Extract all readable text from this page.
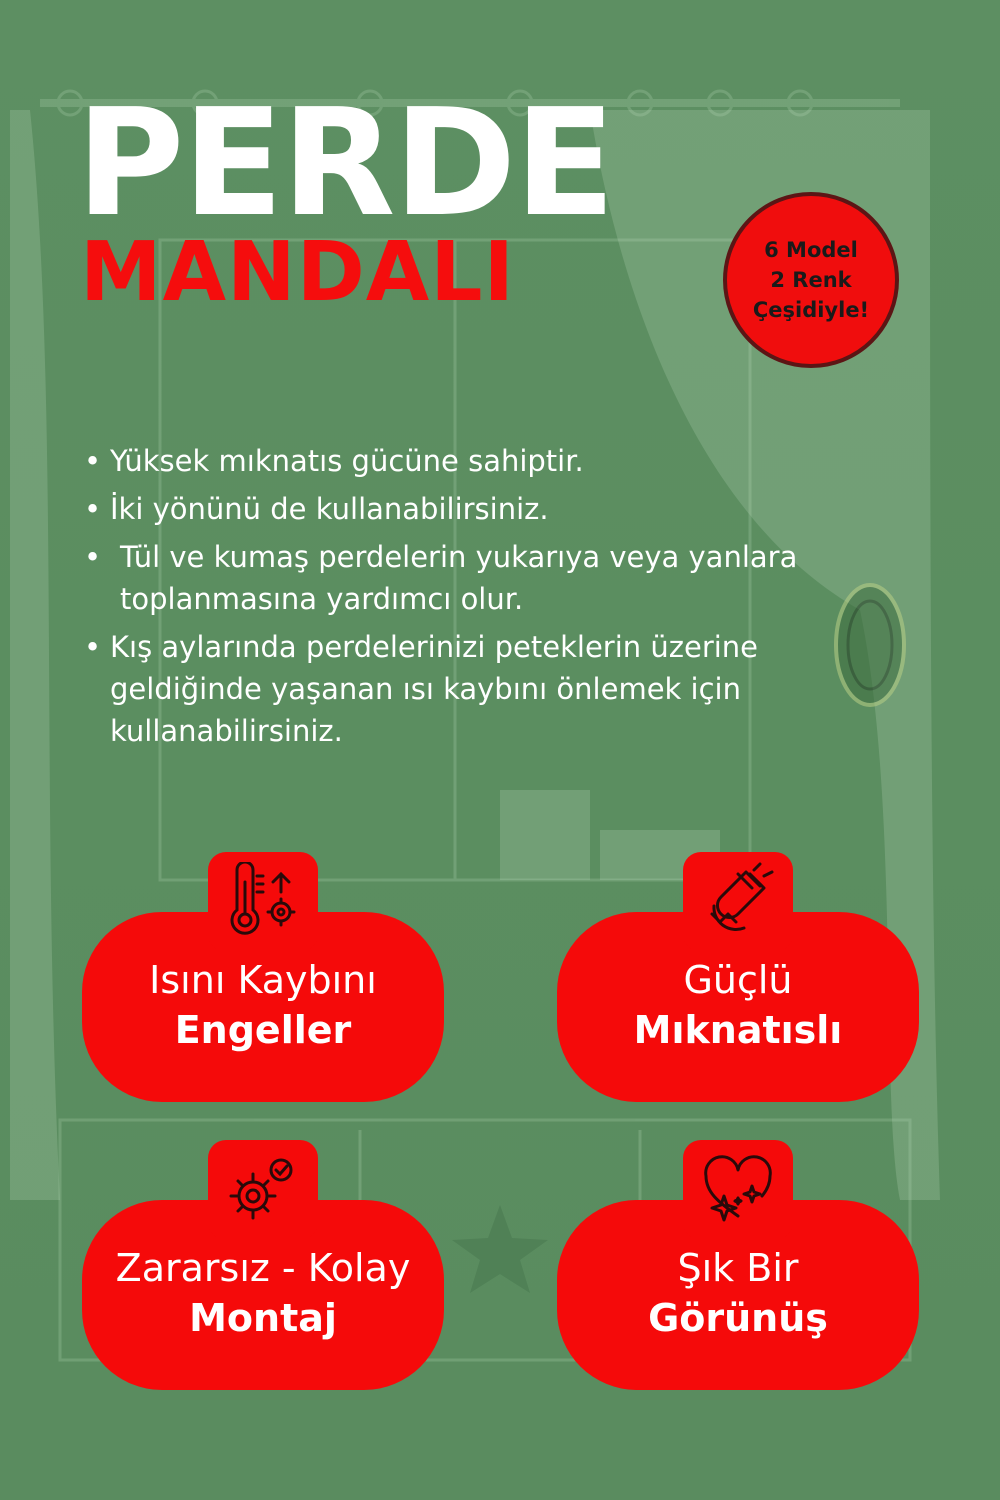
PERDE
MANDALI	6 Model
2 Renk
Çeşidiyle!
• Yüksek mıknatıs gücüne sahiptir.
• İki yönünü de kullanabilirsiniz.
• Tül ve kumaş perdelerin yukarıya veya yanlara toplanmasına yardımcı olur.
• Kış aylarında perdelerinizi peteklerin üzerine geldiğinde yaşanan ısı kaybını önlemek için kullanabilirsiniz.
Isını Kaybını
Engeller
Güçlü
Mıknatıslı
Zararsız - Kolay
Montaj
Şık Bir
Görünüş
